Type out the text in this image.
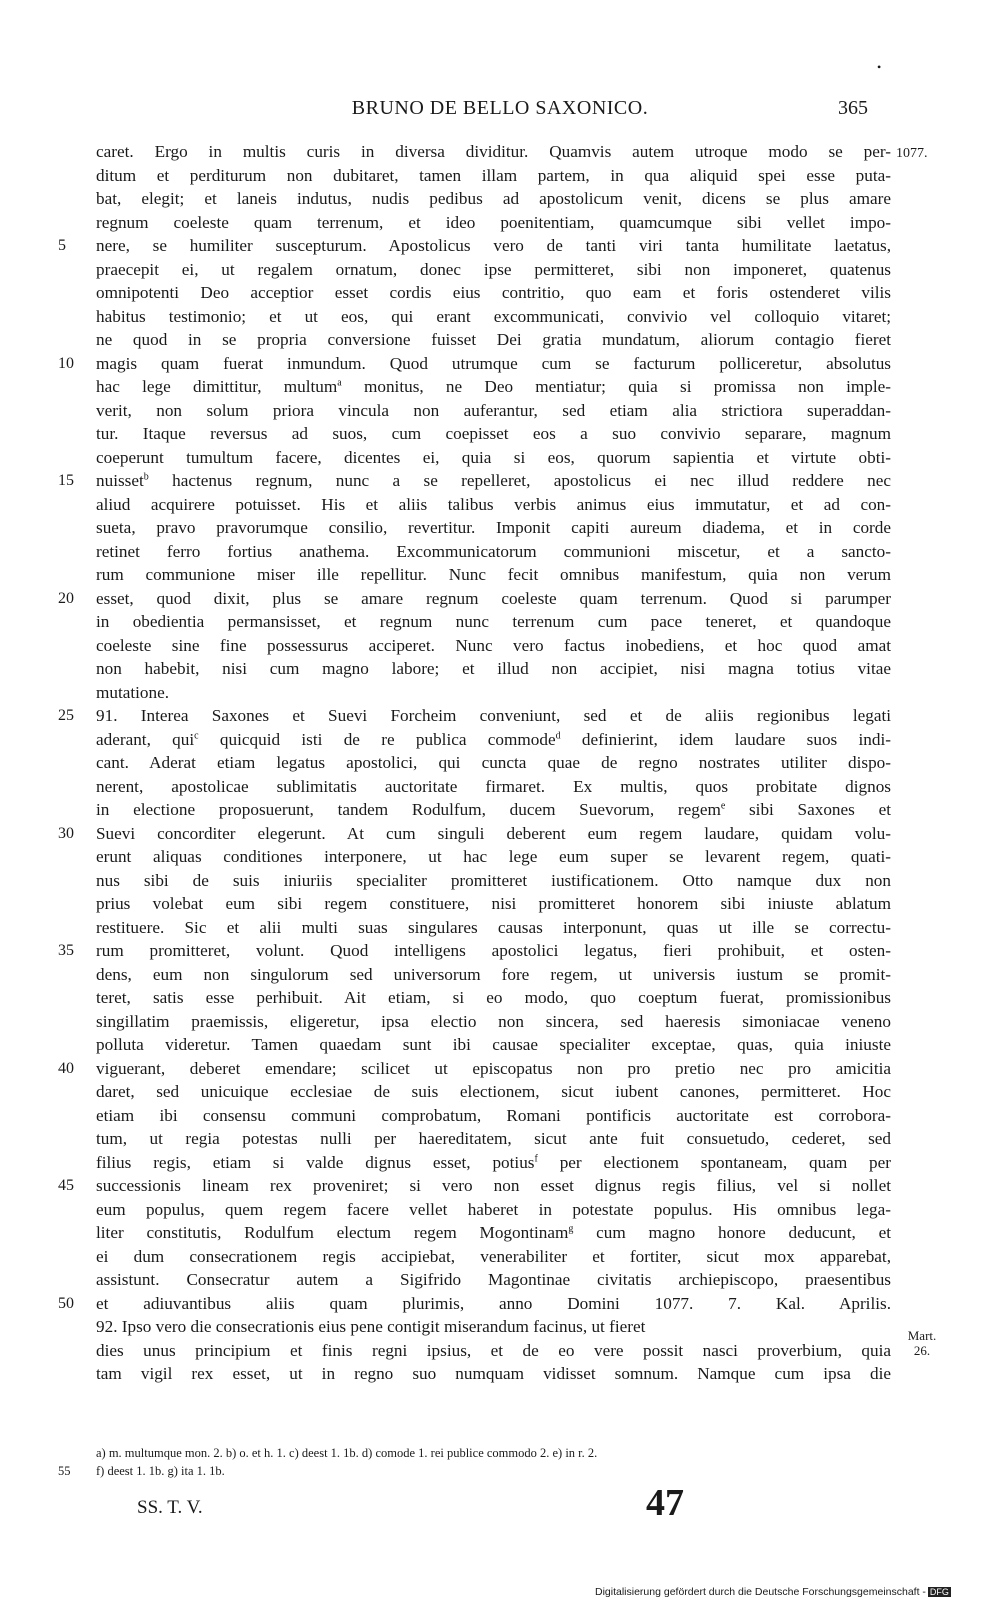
•
BRUNO DE BELLO SAXONICO.	365
1077.
Mart.
26.
5
10
15
20
25
30
35
40
45
50
caret. Ergo in multis curis in diversa dividitur. Quamvis autem utroque modo se per-
ditum et perditurum non dubitaret, tamen illam partem, in qua aliquid spei esse puta-
bat, elegit; et laneis indutus, nudis pedibus ad apostolicum venit, dicens se plus amare
regnum coeleste quam terrenum, et ideo poenitentiam, quamcumque sibi vellet impo-
nere, se humiliter suscepturum. Apostolicus vero de tanti viri tanta humilitate laetatus,
praecepit ei, ut regalem ornatum, donec ipse permitteret, sibi non imponeret, quatenus
omnipotenti Deo acceptior esset cordis eius contritio, quo eam et foris ostenderet vilis
habitus testimonio; et ut eos, qui erant excommunicati, convivio vel colloquio vitaret;
ne quod in se propria conversione fuisset Dei gratia mundatum, aliorum contagio fieret
magis quam fuerat inmundum. Quod utrumque cum se facturum polliceretur, absolutus
hac lege dimittitur, multum$^a$ monitus, ne Deo mentiatur; quia si promissa non imple-
verit, non solum priora vincula non auferantur, sed etiam alia strictiora superaddan-
tur. Itaque reversus ad suos, cum coepisset eos a suo convivio separare, magnum
coeperunt tumultum facere, dicentes ei, quia si eos, quorum sapientia et virtute obti-
nuisset$^b$ hactenus regnum, nunc a se repelleret, apostolicus ei nec illud reddere nec
aliud acquirere potuisset. His et aliis talibus verbis animus eius immutatur, et ad con-
sueta, pravo pravorumque consilio, revertitur. Imponit capiti aureum diadema, et in corde
retinet ferro fortius anathema. Excommunicatorum communioni miscetur, et a sancto-
rum communione miser ille repellitur. Nunc fecit omnibus manifestum, quia non verum
esset, quod dixit, plus se amare regnum coeleste quam terrenum. Quod si parumper
in obedientia permansisset, et regnum nunc terrenum cum pace teneret, et quandoque
coeleste sine fine possessurus acciperet. Nunc vero factus inobediens, et hoc quod amat
non habebit, nisi cum magno labore; et illud non accipiet, nisi magna totius vitae
mutatione.
91. Interea Saxones et Suevi Forcheim conveniunt, sed et de aliis regionibus legati
aderant, qui$^c$ quicquid isti de re publica commode$^d$ definierint, idem laudare suos indi-
cant. Aderat etiam legatus apostolici, qui cuncta quae de regno nostrates utiliter dispo-
nerent, apostolicae sublimitatis auctoritate firmaret. Ex multis, quos probitate dignos
in electione proposuerunt, tandem Rodulfum, ducem Suevorum, regem$^e$ sibi Saxones et
Suevi concorditer elegerunt. At cum singuli deberent eum regem laudare, quidam volu-
erunt aliquas conditiones interponere, ut hac lege eum super se levarent regem, quati-
nus sibi de suis iniuriis specialiter promitteret iustificationem. Otto namque dux non
prius volebat eum sibi regem constituere, nisi promitteret honorem sibi iniuste ablatum
restituere. Sic et alii multi suas singulares causas interponunt, quas ut ille se correctu-
rum promitteret, volunt. Quod intelligens apostolici legatus, fieri prohibuit, et osten-
dens, eum non singulorum sed universorum fore regem, ut universis iustum se promit-
teret, satis esse perhibuit. Ait etiam, si eo modo, quo coeptum fuerat, promissionibus
singillatim praemissis, eligeretur, ipsa electio non sincera, sed haeresis simoniacae veneno
polluta videretur. Tamen quaedam sunt ibi causae specialiter exceptae, quas, quia iniuste
viguerant, deberet emendare; scilicet ut episcopatus non pro pretio nec pro amicitia
daret, sed unicuique ecclesiae de suis electionem, sicut iubent canones, permitteret. Hoc
etiam ibi consensu communi comprobatum, Romani pontificis auctoritate est corrobora-
tum, ut regia potestas nulli per haereditatem, sicut ante fuit consuetudo, cederet, sed
filius regis, etiam si valde dignus esset, potius$^f$ per electionem spontaneam, quam per
successionis lineam rex proveniret; si vero non esset dignus regis filius, vel si nollet
eum populus, quem regem facere vellet haberet in potestate populus. His omnibus lega-
liter constitutis, Rodulfum electum regem Mogontinam$^g$ cum magno honore deducunt, et
ei dum consecrationem regis accipiebat, venerabiliter et fortiter, sicut mox apparebat,
assistunt. Consecratur autem a Sigifrido Magontinae civitatis archiepiscopo, praesentibus
et adiuvantibus aliis quam plurimis, anno Domini 1077. 7. Kal. Aprilis.
92. Ipso vero die consecrationis eius pene contigit miserandum facinus, ut fieret
dies unus principium et finis regni ipsius, et de eo vere possit nasci proverbium, quia
tam vigil rex esset, ut in regno suo numquam vidisset somnum. Namque cum ipsa die
a) m. multumque mon. 2. b) o. et h. 1. c) deest 1. 1b. d) comode 1. rei publice commodo 2. e) in r. 2.
55 f) deest 1. 1b. g) ita 1. 1b.
SS. T. V.	47
Digitalisierung gefördert durch die Deutsche Forschungsgemeinschaft - DFG
